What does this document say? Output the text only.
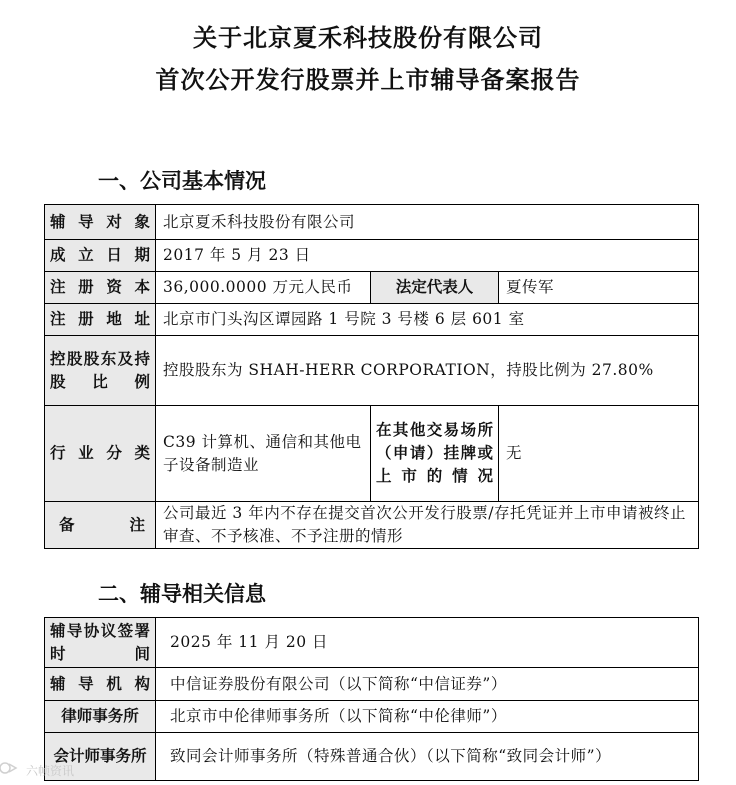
关于北京夏禾科技股份有限公司
首次公开发行股票并上市辅导备案报告
一、公司基本情况
辅导对象	北京夏禾科技股份有限公司		
成立日期	2017 年 5 月 23 日		
注册资本	36,000.0000 万元人民币	法定代表人	夏传军
注册地址	北京市门头沟区谭园路 1 号院 3 号楼 6 层 601 室		
控股股东及持股比例	控股股东为 SHAH-HERR CORPORATION，持股比例为 27.80%		
行业分类	C39 计算机、通信和其他电子设备制造业	在其他交易场所（申请）挂牌或上市的情况	无
备注	公司最近 3 年内不存在提交首次公开发行股票/存托凭证并上市申请被终止审查、不予核准、不予注册的情形		
二、辅导相关信息
辅导协议签署时间	2025 年 11 月 20 日
辅导机构	中信证券股份有限公司（以下简称“中信证券”）
律师事务所	北京市中伦律师事务所（以下简称“中伦律师”）
会计师事务所	致同会计师事务所（特殊普通合伙）（以下简称“致同会计师”）
六帧资讯
